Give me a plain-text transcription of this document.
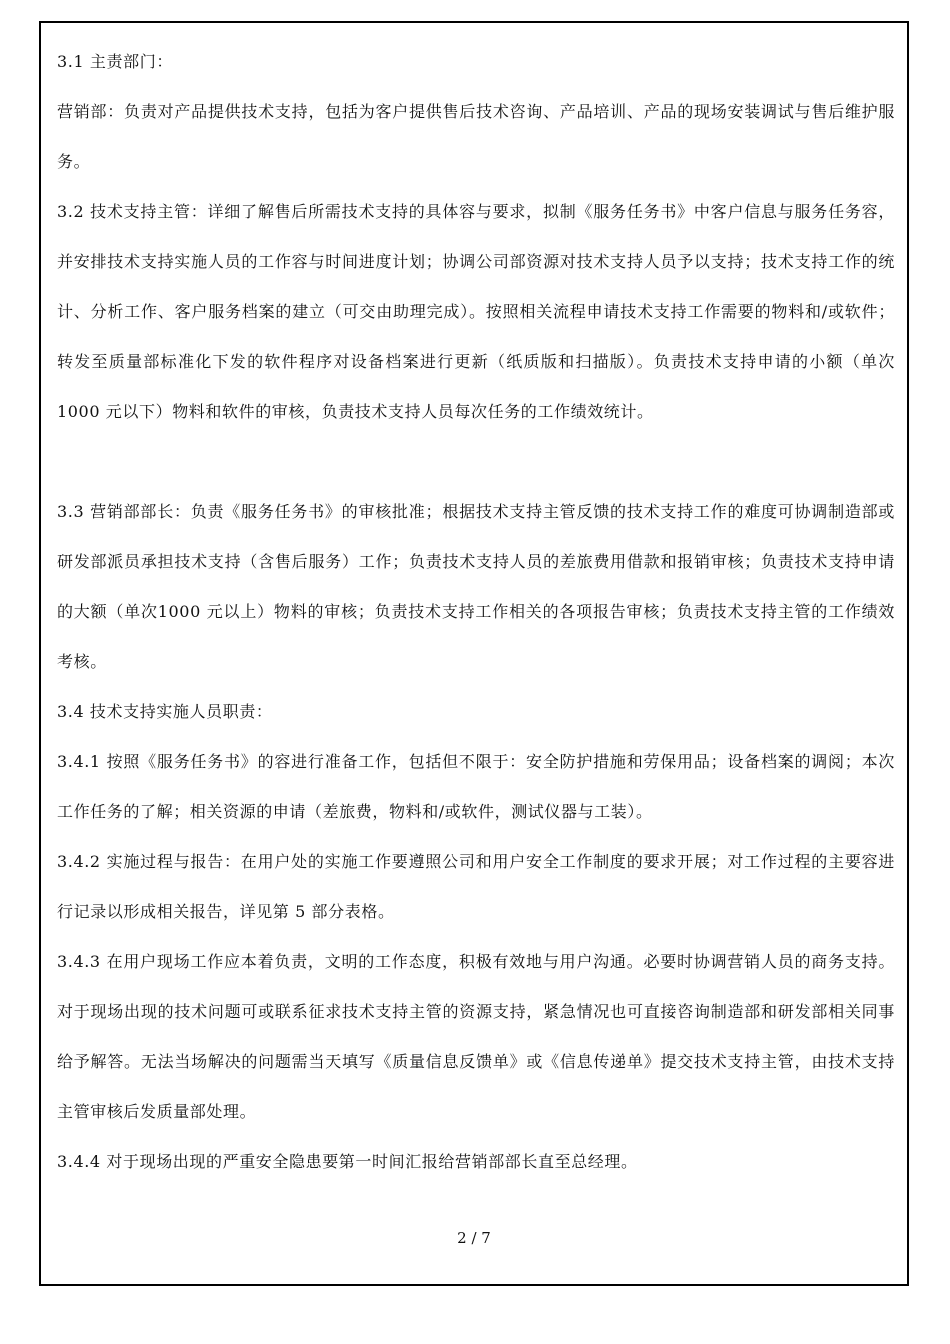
3.1 主责部门：

营销部：负责对产品提供技术支持，包括为客户提供售后技术咨询、产品培训、产品的现场安装调试与售后维护服务。

3.2 技术支持主管：详细了解售后所需技术支持的具体容与要求，拟制《服务任务书》中客户信息与服务任务容，并安排技术支持实施人员的工作容与时间进度计划；协调公司部资源对技术支持人员予以支持；技术支持工作的统计、分析工作、客户服务档案的建立（可交由助理完成）。按照相关流程申请技术支持工作需要的物料和/或软件；转发至质量部标准化下发的软件程序对设备档案进行更新（纸质版和扫描版）。负责技术支持申请的小额（单次 1000 元以下）物料和软件的审核，负责技术支持人员每次任务的工作绩效统计。

3.3 营销部部长：负责《服务任务书》的审核批准；根据技术支持主管反馈的技术支持工作的难度可协调制造部或研发部派员承担技术支持（含售后服务）工作；负责技术支持人员的差旅费用借款和报销审核；负责技术支持申请的大额（单次1000 元以上）物料的审核；负责技术支持工作相关的各项报告审核；负责技术支持主管的工作绩效考核。

3.4 技术支持实施人员职责：

3.4.1 按照《服务任务书》的容进行准备工作，包括但不限于：安全防护措施和劳保用品；设备档案的调阅；本次工作任务的了解；相关资源的申请（差旅费，物料和/或软件，测试仪器与工装）。

3.4.2 实施过程与报告：在用户处的实施工作要遵照公司和用户安全工作制度的要求开展；对工作过程的主要容进行记录以形成相关报告，详见第 5 部分表格。

3.4.3 在用户现场工作应本着负责，文明的工作态度，积极有效地与用户沟通。必要时协调营销人员的商务支持。对于现场出现的技术问题可或联系征求技术支持主管的资源支持，紧急情况也可直接咨询制造部和研发部相关同事给予解答。无法当场解决的问题需当天填写《质量信息反馈单》或《信息传递单》提交技术支持主管，由技术支持主管审核后发质量部处理。

3.4.4 对于现场出现的严重安全隐患要第一时间汇报给营销部部长直至总经理。

2 / 7
